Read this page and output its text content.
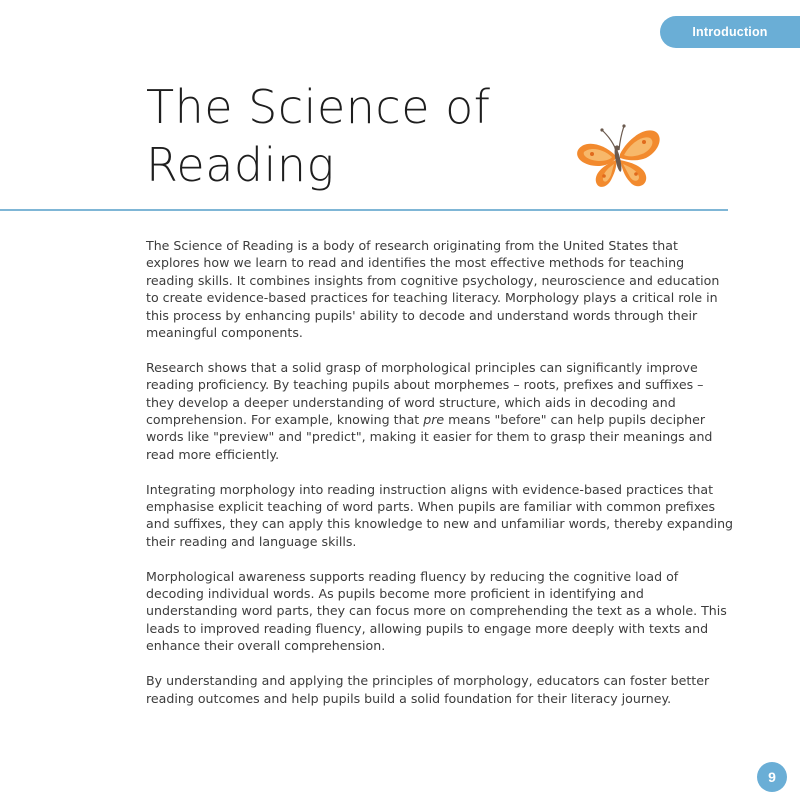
Introduction
The Science of
Reading

The Science of Reading is a body of research originating from the United States that explores how we learn to read and identifies the most effective methods for teaching reading skills. It combines insights from cognitive psychology, neuroscience and education to create evidence-based practices for teaching literacy. Morphology plays a critical role in this process by enhancing pupils' ability to decode and understand words through their meaningful components.

Research shows that a solid grasp of morphological principles can significantly improve reading proficiency. By teaching pupils about morphemes – roots, prefixes and suffixes – they develop a deeper understanding of word structure, which aids in decoding and comprehension. For example, knowing that pre means "before" can help pupils decipher words like "preview" and "predict", making it easier for them to grasp their meanings and read more efficiently.

Integrating morphology into reading instruction aligns with evidence-based practices that emphasise explicit teaching of word parts. When pupils are familiar with common prefixes and suffixes, they can apply this knowledge to new and unfamiliar words, thereby expanding their reading and language skills.

Morphological awareness supports reading fluency by reducing the cognitive load of decoding individual words. As pupils become more proficient in identifying and understanding word parts, they can focus more on comprehending the text as a whole. This leads to improved reading fluency, allowing pupils to engage more deeply with texts and enhance their overall comprehension.

By understanding and applying the principles of morphology, educators can foster better reading outcomes and help pupils build a solid foundation for their literacy journey.

9
